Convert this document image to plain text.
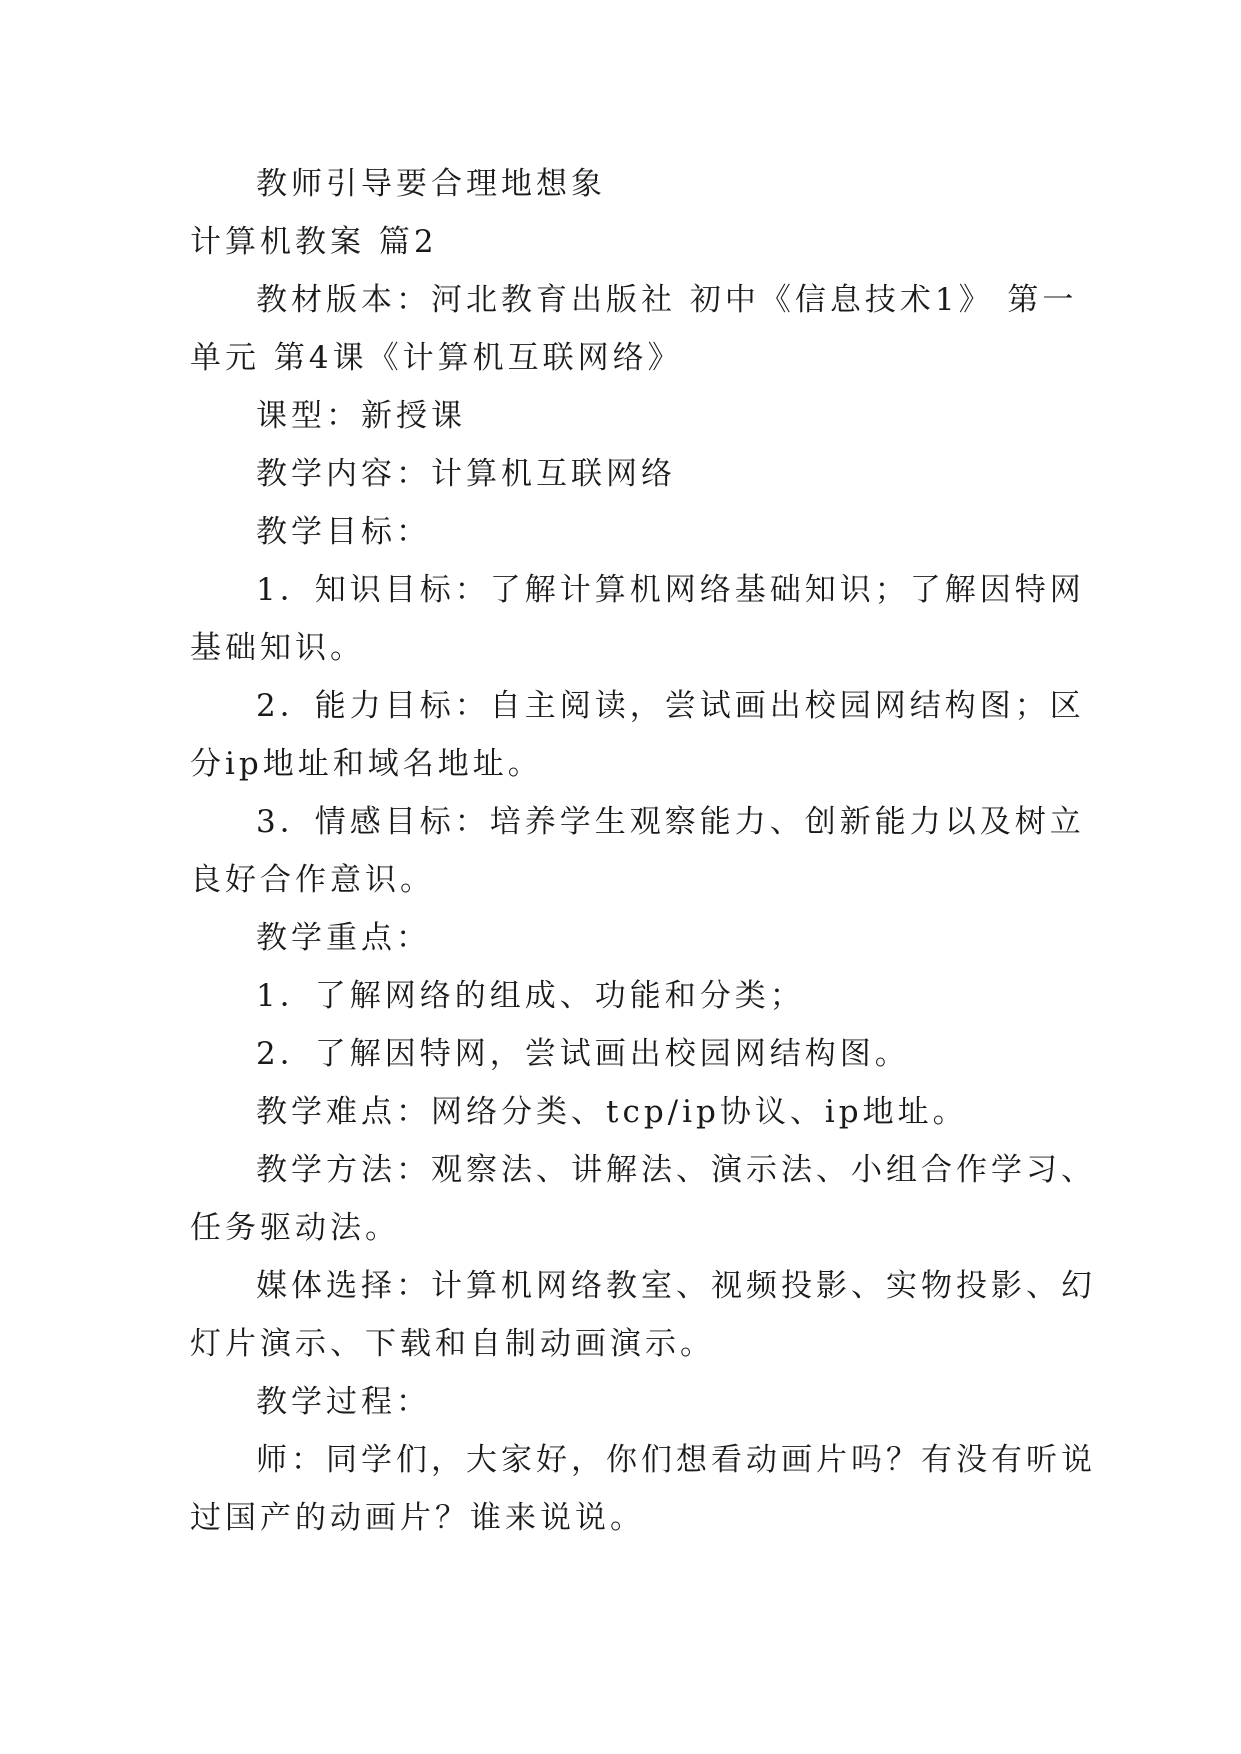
教师引导要合理地想象
计算机教案 篇2
教材版本：河北教育出版社 初中《信息技术1》 第一
单元 第4课《计算机互联网络》
课型：新授课
教学内容：计算机互联网络
教学目标：
1．知识目标：了解计算机网络基础知识；了解因特网
基础知识。
2．能力目标：自主阅读，尝试画出校园网结构图；区
分ip地址和域名地址。
3．情感目标：培养学生观察能力、创新能力以及树立
良好合作意识。
教学重点：
1．了解网络的组成、功能和分类；
2．了解因特网，尝试画出校园网结构图。
教学难点：网络分类、tcp/ip协议、ip地址。
教学方法：观察法、讲解法、演示法、小组合作学习、
任务驱动法。
媒体选择：计算机网络教室、视频投影、实物投影、幻
灯片演示、下载和自制动画演示。
教学过程：
师：同学们，大家好，你们想看动画片吗？有没有听说
过国产的动画片？谁来说说。
